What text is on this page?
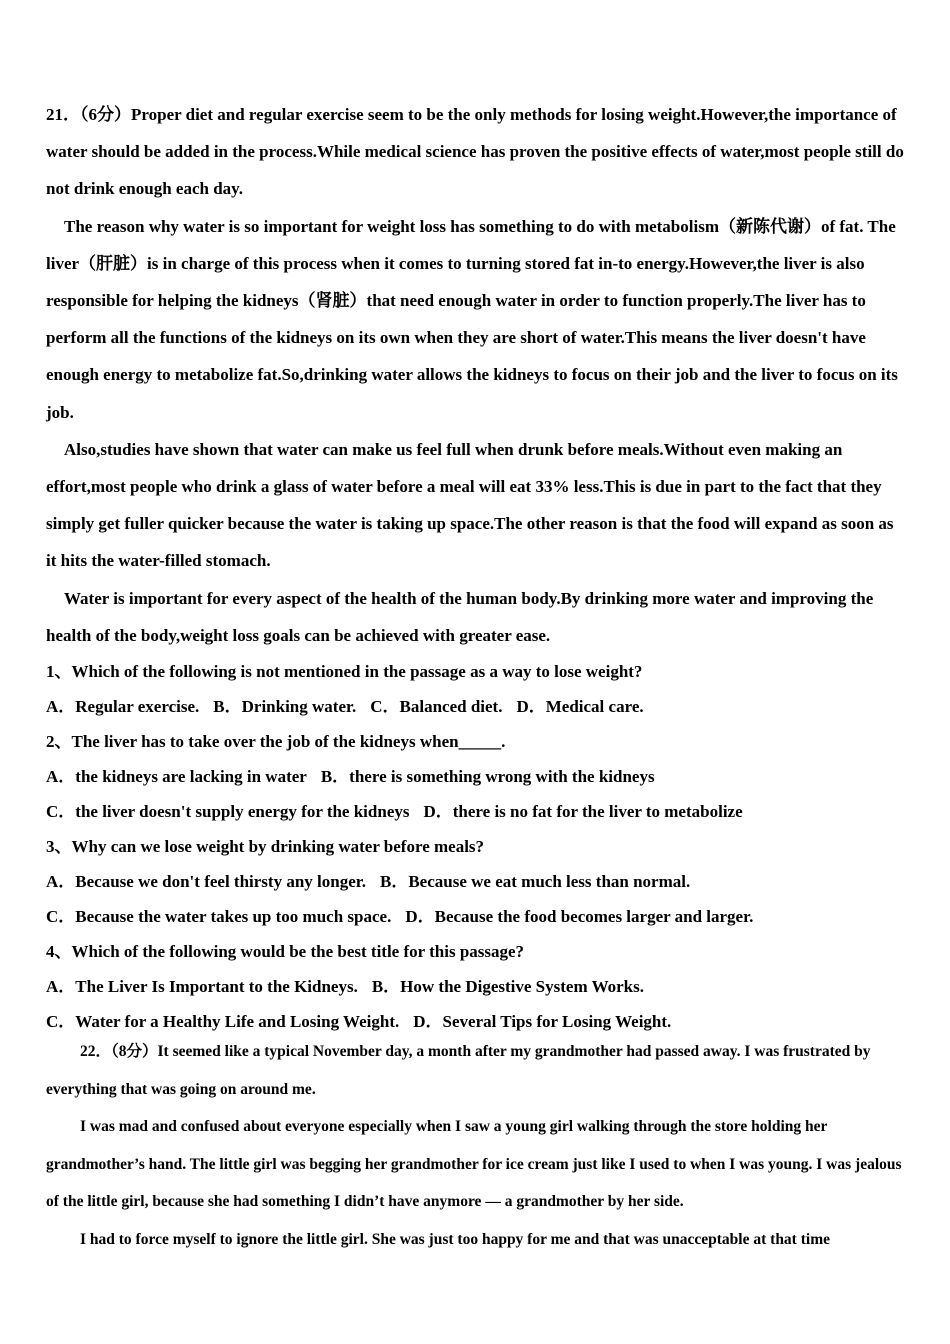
21．（6分）Proper diet and regular exercise seem to be the only methods for losing weight.However,the importance of water should be added in the process.While medical science has proven the positive effects of water,most people still do not drink enough each day.

The reason why water is so important for weight loss has something to do with metabolism（新陈代谢）of fat. The liver（肝脏）is in charge of this process when it comes to turning stored fat in-to energy.However,the liver is also responsible for helping the kidneys（肾脏）that need enough water in order to function properly.The liver has to perform all the functions of the kidneys on its own when they are short of water.This means the liver doesn't have enough energy to metabolize fat.So,drinking water allows the kidneys to focus on their job and the liver to focus on its job.

Also,studies have shown that water can make us feel full when drunk before meals.Without even making an effort,most people who drink a glass of water before a meal will eat 33% less.This is due in part to the fact that they simply get fuller quicker because the water is taking up space.The other reason is that the food will expand as soon as it hits the water-filled stomach.

Water is important for every aspect of the health of the human body.By drinking more water and improving the health of the body,weight loss goals can be achieved with greater ease.

1、Which of the following is not mentioned in the passage as a way to lose weight?

A．Regular exercise. B．Drinking water. C．Balanced diet. D．Medical care.

2、The liver has to take over the job of the kidneys when_____.

A．the kidneys are lacking in water B．there is something wrong with the kidneys

C．the liver doesn't supply energy for the kidneys D．there is no fat for the liver to metabolize

3、Why can we lose weight by drinking water before meals?

A．Because we don't feel thirsty any longer. B．Because we eat much less than normal.

C．Because the water takes up too much space. D．Because the food becomes larger and larger.

4、Which of the following would be the best title for this passage?

A．The Liver Is Important to the Kidneys. B．How the Digestive System Works.

C．Water for a Healthy Life and Losing Weight. D．Several Tips for Losing Weight.

22．（8分）It seemed like a typical November day, a month after my grandmother had passed away. I was frustrated by everything that was going on around me.

I was mad and confused about everyone especially when I saw a young girl walking through the store holding her grandmother’s hand. The little girl was begging her grandmother for ice cream just like I used to when I was young. I was jealous of the little girl, because she had something I didn’t have anymore — a grandmother by her side.

I had to force myself to ignore the little girl. She was just too happy for me and that was unacceptable at that time
